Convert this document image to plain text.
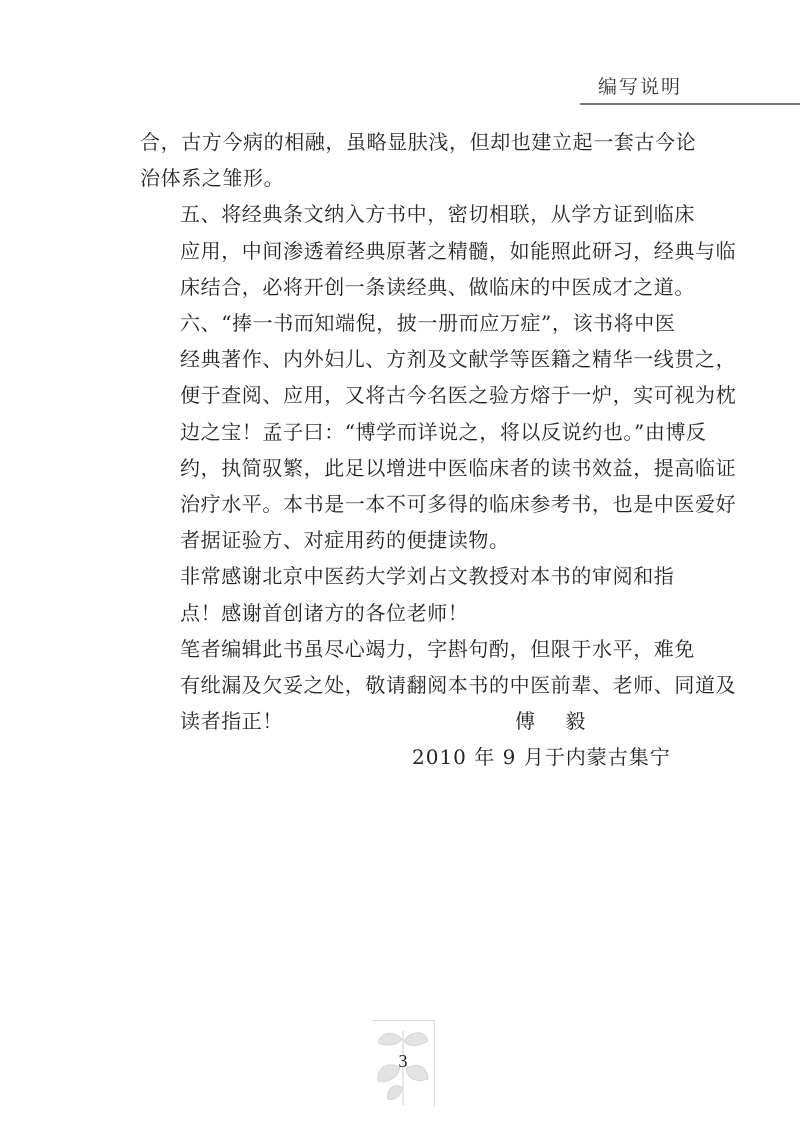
编写说明

合，古方今病的相融，虽略显肤浅，但却也建立起一套古今论
治体系之雏形。

五、将经典条文纳入方书中，密切相联，从学方证到临床
应用，中间渗透着经典原著之精髓，如能照此研习，经典与临
床结合，必将开创一条读经典、做临床的中医成才之道。

六、“捧一书而知端倪，披一册而应万症”，该书将中医
经典著作、内外妇儿、方剂及文献学等医籍之精华一线贯之，
便于查阅、应用，又将古今名医之验方熔于一炉，实可视为枕
边之宝！孟子曰：“博学而详说之，将以反说约也。”由博反
约，执简驭繁，此足以增进中医临床者的读书效益，提高临证
治疗水平。本书是一本不可多得的临床参考书，也是中医爱好
者据证验方、对症用药的便捷读物。

非常感谢北京中医药大学刘占文教授对本书的审阅和指
点！感谢首创诸方的各位老师！

笔者编辑此书虽尽心竭力，字斟句酌，但限于水平，难免
有纰漏及欠妥之处，敬请翻阅本书的中医前辈、老师、同道及
读者指正！	傅 毅
2010 年 9 月于内蒙古集宁
3
